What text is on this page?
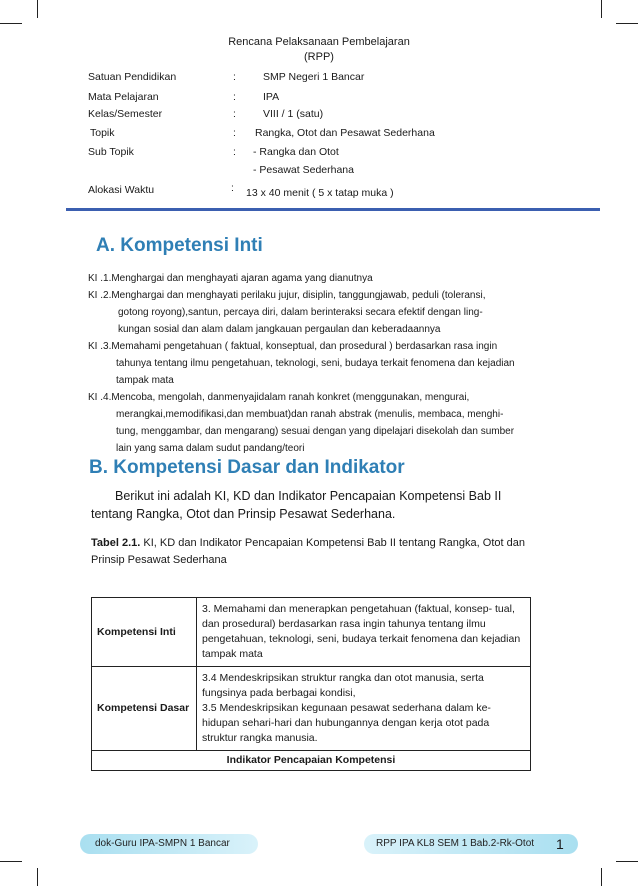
Rencana Pelaksanaan Pembelajaran
(RPP)
Satuan Pendidikan	:	SMP Negeri 1 Bancar
Mata Pelajaran	:	IPA
Kelas/Semester	:	VIII / 1 (satu)
Topik	: Rangka, Otot dan Pesawat Sederhana
Sub Topik	: - Rangka dan Otot
- Pesawat Sederhana
Alokasi Waktu	: 13 x 40 menit ( 5 x tatap muka )
A. Kompetensi Inti
KI .1.Menghargai dan menghayati ajaran agama yang dianutnya
KI .2.Menghargai dan menghayati perilaku jujur, disiplin, tanggungjawab, peduli (toleransi,
gotong royong),santun, percaya diri, dalam berinteraksi secara efektif dengan ling-
kungan sosial dan alam dalam jangkauan pergaulan dan keberadaannya
KI .3.Memahami pengetahuan ( faktual, konseptual, dan prosedural ) berdasarkan rasa ingin
tahunya tentang ilmu pengetahuan, teknologi, seni, budaya terkait fenomena dan kejadian
tampak mata
KI .4.Mencoba, mengolah, danmenyajidalam ranah konkret (menggunakan, mengurai,
merangkai,memodifikasi,dan membuat)dan ranah abstrak (menulis, membaca, menghi-
tung, menggambar, dan mengarang) sesuai dengan yang dipelajari disekolah dan sumber
lain yang sama dalam sudut pandang/teori
B. Kompetensi Dasar dan Indikator
Berikut ini adalah KI, KD dan Indikator Pencapaian Kompetensi Bab II tentang Rangka, Otot dan Prinsip Pesawat Sederhana.
Tabel 2.1. KI, KD dan Indikator Pencapaian Kompetensi Bab II tentang Rangka, Otot dan Prinsip Pesawat Sederhana
Kompetensi Inti	3. Memahami dan menerapkan pengetahuan (faktual, konsep- tual, dan prosedural) berdasarkan rasa ingin tahunya tentang ilmu pengetahuan, teknologi, seni, budaya terkait fenomena dan kejadian tampak mata
Kompetensi Dasar	3.4 Mendeskripsikan struktur rangka dan otot manusia, serta fungsinya pada berbagai kondisi,
3.5 Mendeskripsikan kegunaan pesawat sederhana dalam ke- hidupan sehari-hari dan hubungannya dengan kerja otot pada struktur rangka manusia.

Indikator Pencapaian Kompetensi	
dok-Guru IPA-SMPN 1 Bancar	RPP IPA KL8 SEM 1 Bab.2-Rk-Otot	1
